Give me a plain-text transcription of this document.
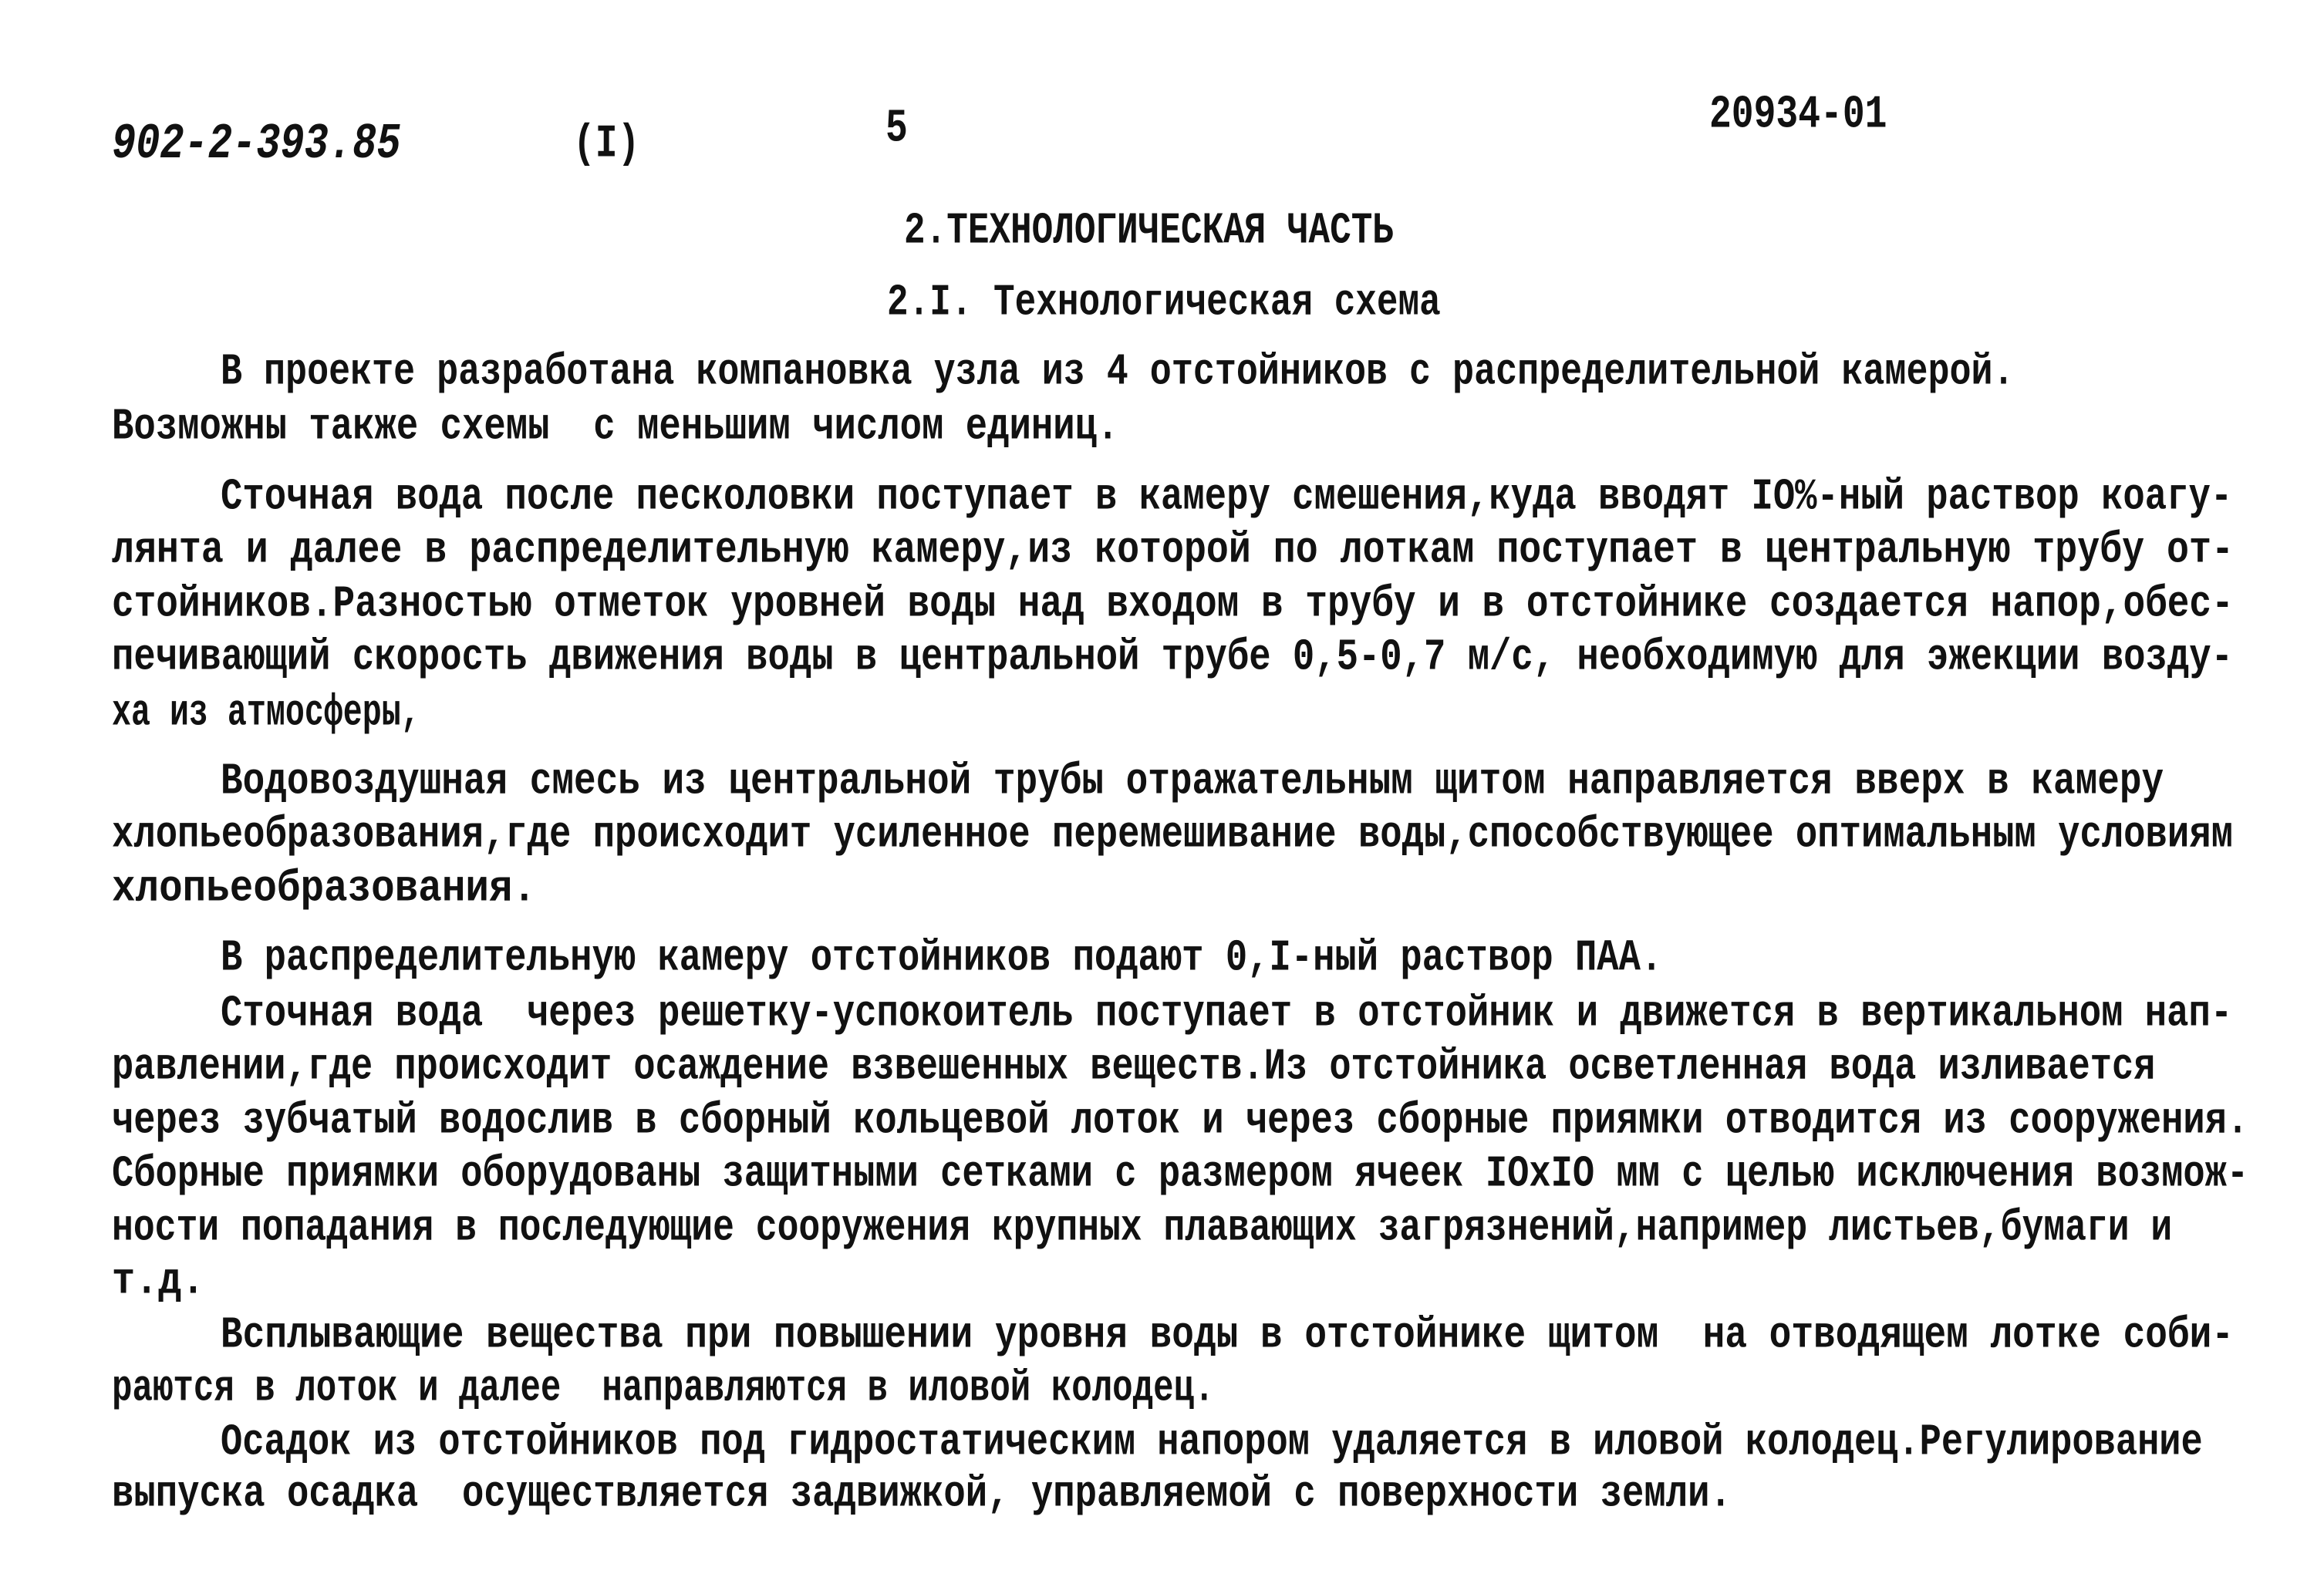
902-2-393.85	(I)	5	20934-01
2.ТЕХНОЛОГИЧЕСКАЯ ЧАСТЬ
2.I. Технологическая схема
В проекте разработана компановка узла из 4 отстойников с распределительной камерой.
Возможны также схемы  с меньшим числом единиц.
Сточная вода после песколовки поступает в камеру смешения,куда вводят IO%-ный раствор коагу-
лянта и далее в распределительную камеру,из которой по лоткам поступает в центральную трубу от-
стойников.Разностью отметок уровней воды над входом в трубу и в отстойнике создается напор,обес-
печивающий скорость движения воды в центральной трубе 0,5-0,7 м/с, необходимую для эжекции возду-
ха из атмосферы,
Водовоздушная смесь из центральной трубы отражательным щитом направляется вверх в камеру
хлопьеобразования,где происходит усиленное перемешивание воды,способствующее оптимальным условиям
хлопьеобразования.
В распределительную камеру отстойников подают 0,I-ный раствор ПАА.
Сточная вода  через решетку-успокоитель поступает в отстойник и движется в вертикальном нап-
равлении,где происходит осаждение взвешенных веществ.Из отстойника осветленная вода изливается
через зубчатый водослив в сборный кольцевой лоток и через сборные приямки отводится из сооружения.
Сборные приямки оборудованы защитными сетками с размером ячеек IOxIO мм с целью исключения возмож-
ности попадания в последующие сооружения крупных плавающих загрязнений,например листьев,бумаги и
т.д.
Всплывающие вещества при повышении уровня воды в отстойнике щитом  на отводящем лотке соби-
раются в лоток и далее  направляются в иловой колодец.
Осадок из отстойников под гидростатическим напором удаляется в иловой колодец.Регулирование
выпуска осадка  осуществляется задвижкой, управляемой с поверхности земли.
